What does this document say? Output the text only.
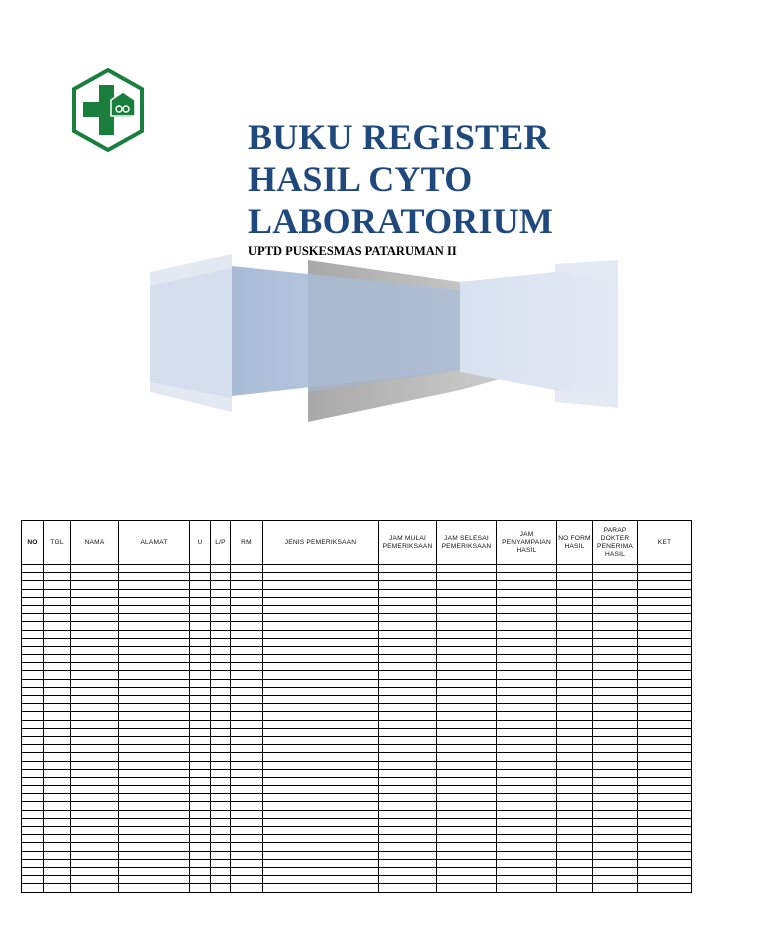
BUKU REGISTER
HASIL CYTO
LABORATORIUM
UPTD PUSKESMAS PATARUMAN II
NO	TGL	NAMA	ALAMAT	U	L/P	RM	JENIS PEMERIKSAAN	JAM MULAI PEMERIKSAAN	JAM SELESAI PEMERIKSAAN	JAM PENYAMPAIAN HASIL	NO FORM HASIL	PARAP DOKTER PENERIMA HASIL	KET
